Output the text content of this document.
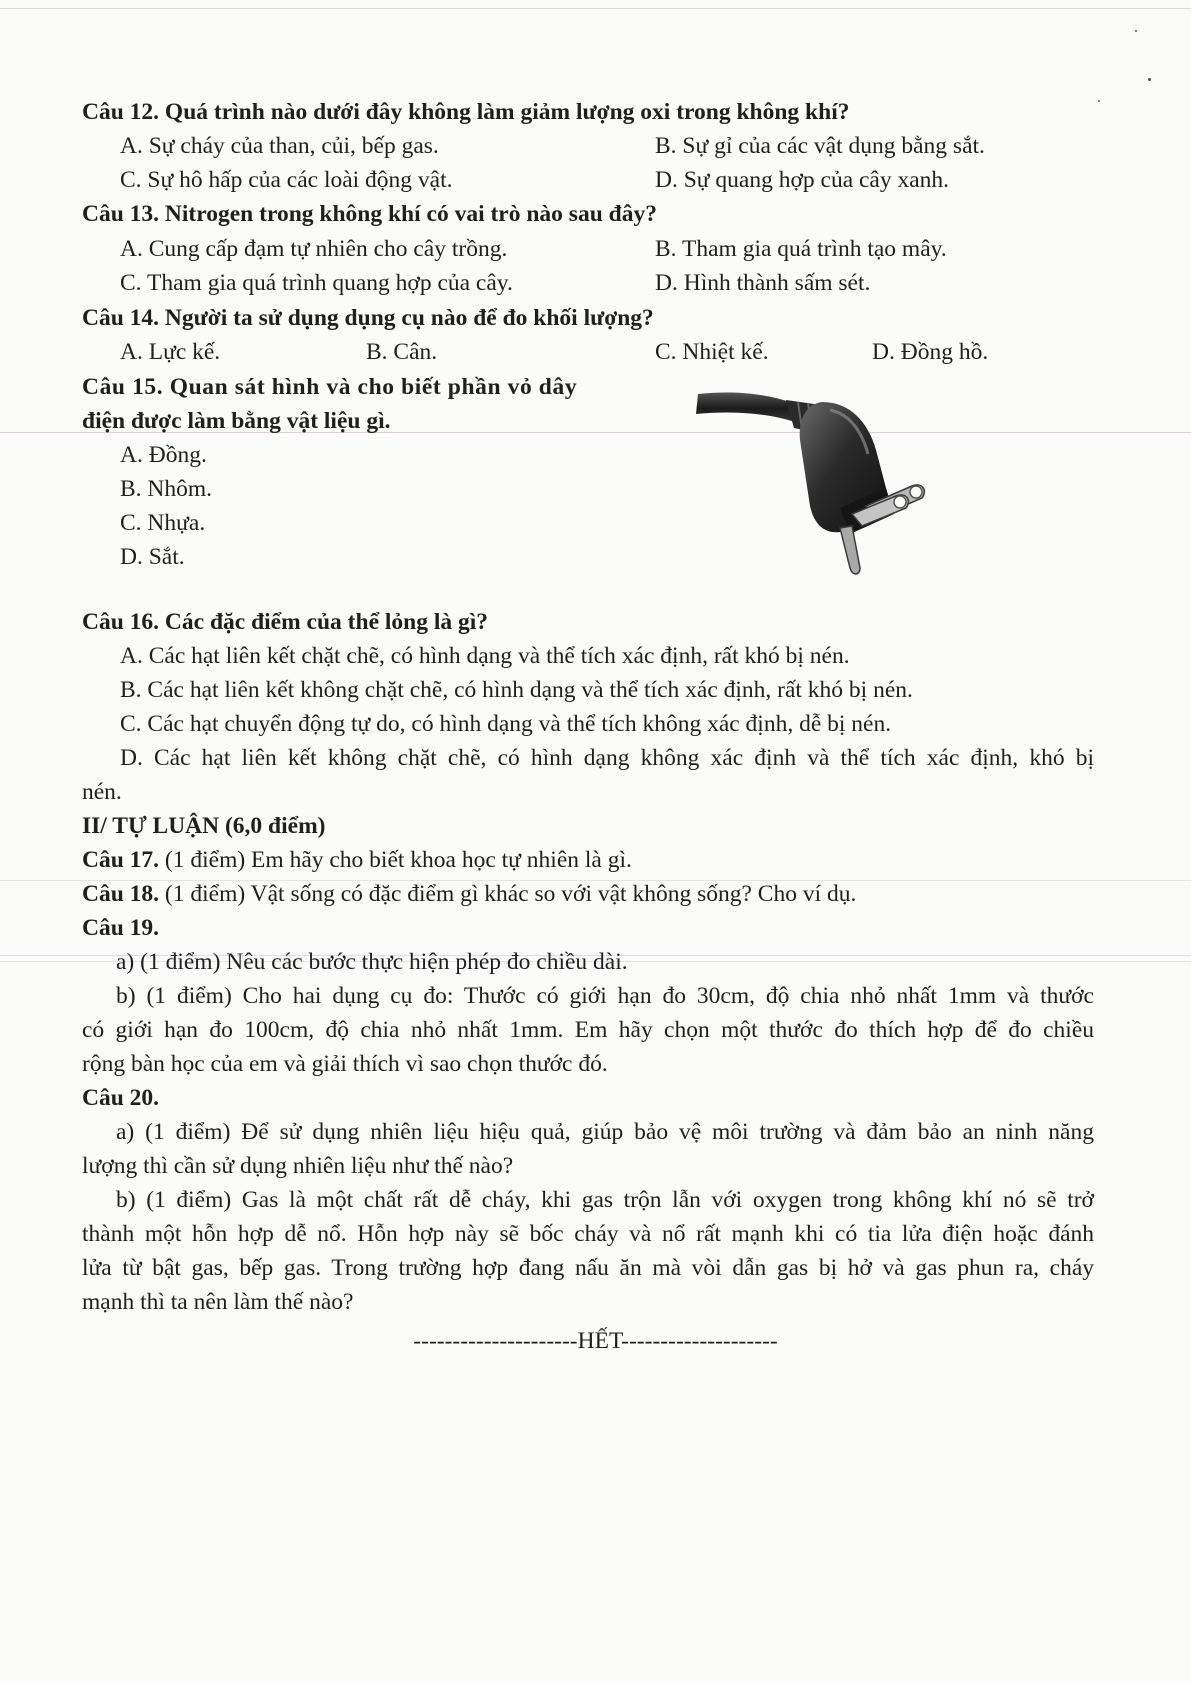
Câu 12. Quá trình nào dưới đây không làm giảm lượng oxi trong không khí?
A. Sự cháy của than, củi, bếp gas.	B. Sự gỉ của các vật dụng bằng sắt.
C. Sự hô hấp của các loài động vật.	D. Sự quang hợp của cây xanh.
Câu 13. Nitrogen trong không khí có vai trò nào sau đây?
A. Cung cấp đạm tự nhiên cho cây trồng.	B. Tham gia quá trình tạo mây.
C. Tham gia quá trình quang hợp của cây.	D. Hình thành sấm sét.
Câu 14. Người ta sử dụng dụng cụ nào để đo khối lượng?
A. Lực kế.	B. Cân.	C. Nhiệt kế.	D. Đồng hồ.
Câu 15. Quan sát hình và cho biết phần vỏ dây
điện được làm bằng vật liệu gì.
A. Đồng.
B. Nhôm.
C. Nhựa.
D. Sắt.
Câu 16. Các đặc điểm của thể lỏng là gì?
A. Các hạt liên kết chặt chẽ, có hình dạng và thể tích xác định, rất khó bị nén.
B. Các hạt liên kết không chặt chẽ, có hình dạng và thể tích xác định, rất khó bị nén.
C. Các hạt chuyển động tự do, có hình dạng và thể tích không xác định, dễ bị nén.
D. Các hạt liên kết không chặt chẽ, có hình dạng không xác định và thể tích xác định, khó bị
nén.
II/ TỰ LUẬN (6,0 điểm)
Câu 17. (1 điểm) Em hãy cho biết khoa học tự nhiên là gì.
Câu 18. (1 điểm) Vật sống có đặc điểm gì khác so với vật không sống? Cho ví dụ.
Câu 19.
a) (1 điểm) Nêu các bước thực hiện phép đo chiều dài.
b) (1 điểm) Cho hai dụng cụ đo: Thước có giới hạn đo 30cm, độ chia nhỏ nhất 1mm và thước
có giới hạn đo 100cm, độ chia nhỏ nhất 1mm. Em hãy chọn một thước đo thích hợp để đo chiều
rộng bàn học của em và giải thích vì sao chọn thước đó.
Câu 20.
a) (1 điểm) Để sử dụng nhiên liệu hiệu quả, giúp bảo vệ môi trường và đảm bảo an ninh năng
lượng thì cần sử dụng nhiên liệu như thế nào?
b) (1 điểm) Gas là một chất rất dễ cháy, khi gas trộn lẫn với oxygen trong không khí nó sẽ trở
thành một hỗn hợp dễ nổ. Hỗn hợp này sẽ bốc cháy và nổ rất mạnh khi có tia lửa điện hoặc đánh
lửa từ bật gas, bếp gas. Trong trường hợp đang nấu ăn mà vòi dẫn gas bị hở và gas phun ra, cháy
mạnh thì ta nên làm thế nào?
---------------------HẾT--------------------
